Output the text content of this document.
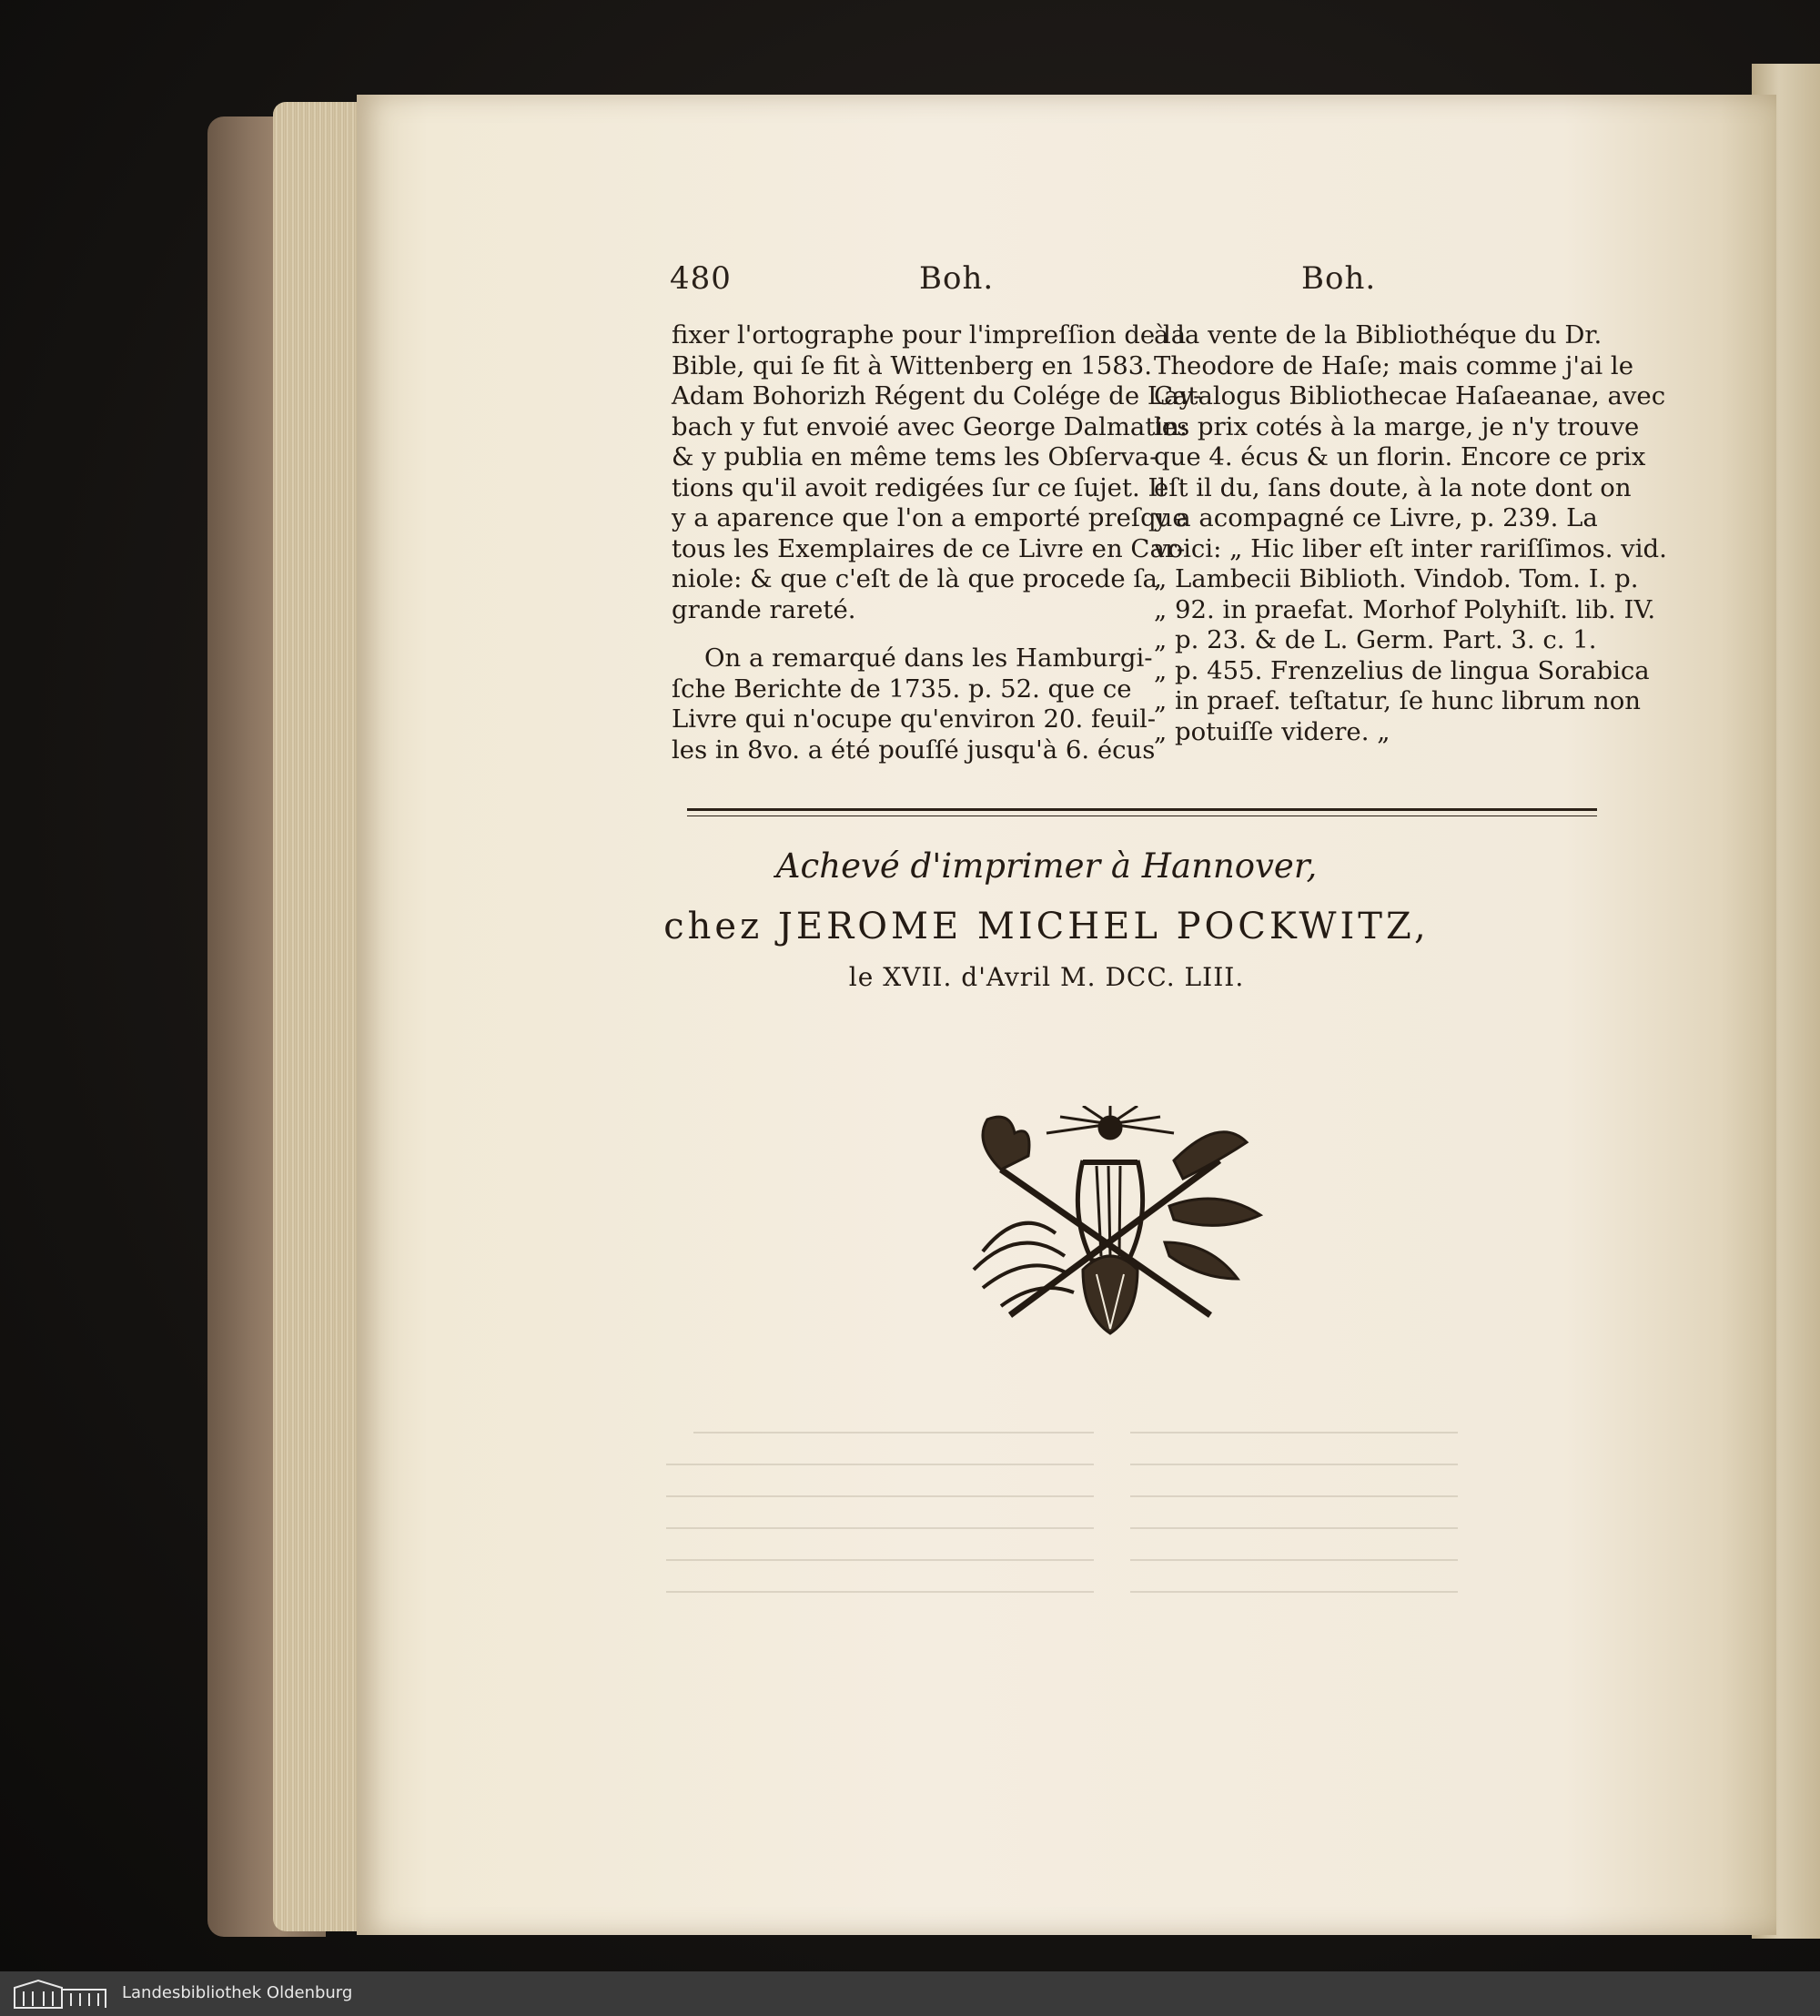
480	Boh.	Boh.

fixer l'ortographe pour l'impreſſion de la
Bible, qui ſe fit à Wittenberg en 1583.
Adam Bohorizh Régent du Colége de Lay-
bach y fut envoié avec George Dalmatin:
& y publia en même tems les Obſerva-
tions qu'il avoit redigées ſur ce ſujet. Il
y a aparence que l'on a emporté preſque
tous les Exemplaires de ce Livre en Car-
niole: & que c'eſt de là que procede ſa
grande rareté.

On a remarqué dans les Hamburgi-
ſche Berichte de 1735. p. 52. que ce
Livre qui n'ocupe qu'environ 20. feuil-
les in 8vo. a été pouſſé jusqu'à 6. écus

à la vente de la Bibliothéque du Dr.
Theodore de Haſe; mais comme j'ai le
Catalogus Bibliothecae Haſaeanae, avec
les prix cotés à la marge, je n'y trouve
que 4. écus & un florin. Encore ce prix
eſt il du, ſans doute, à la note dont on
y a acompagné ce Livre, p. 239. La
voici: „ Hic liber eſt inter rariſſimos. vid.
„ Lambecii Biblioth. Vindob. Tom. I. p.
„ 92. in praefat. Morhof Polyhiſt. lib. IV.
„ p. 23. & de L. Germ. Part. 3. c. 1.
„ p. 455. Frenzelius de lingua Sorabica
„ in praef. teſtatur, ſe hunc librum non
„ potuiſſe videre. „

Achevé d'imprimer à Hannover,
chez JEROME MICHEL POCKWITZ,
le XVII. d'Avril M. DCC. LIII.
Landesbibliothek Oldenburg
